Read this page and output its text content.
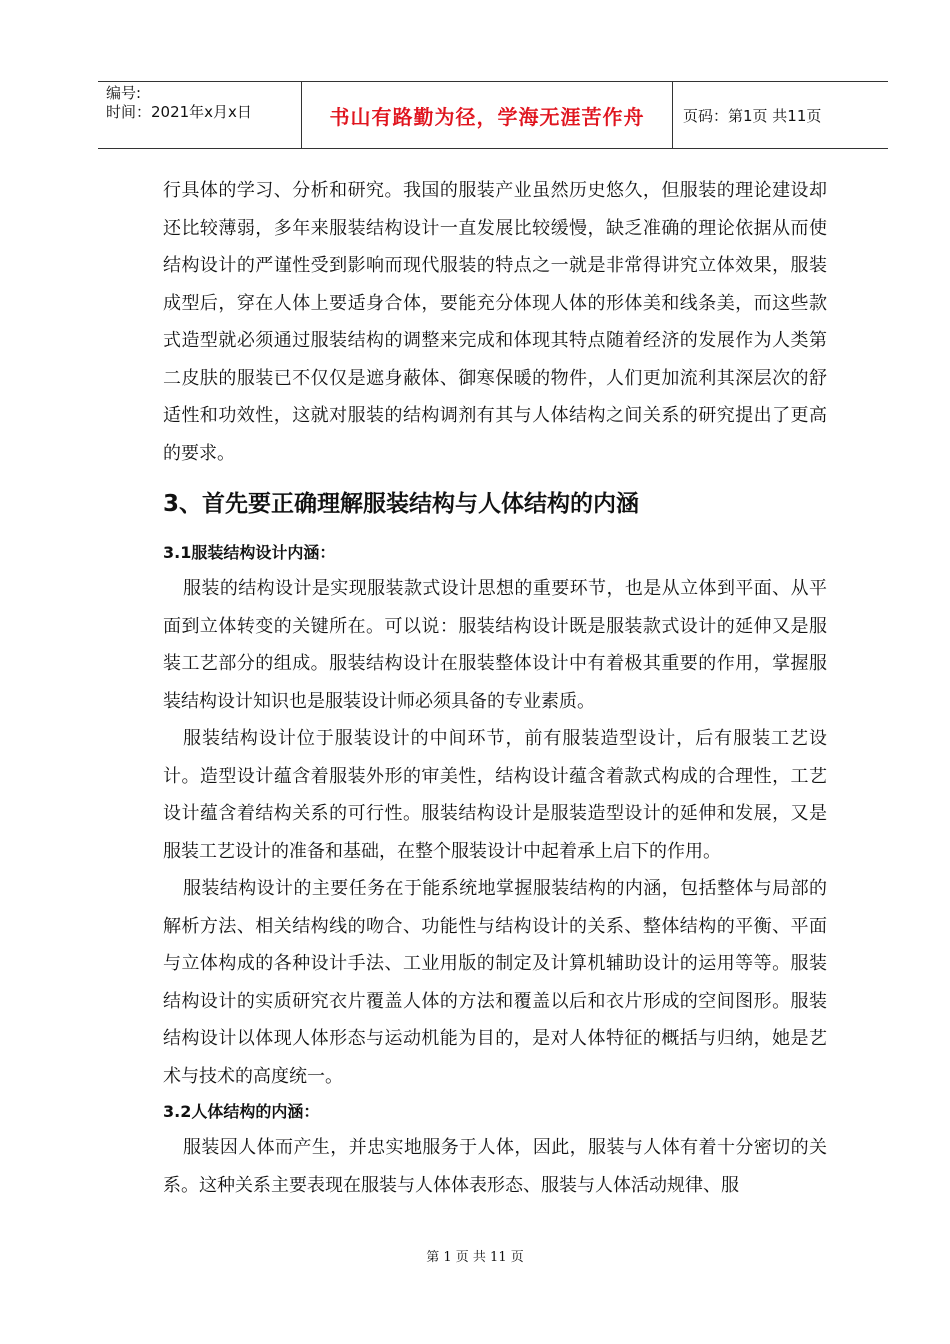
编号:
时间：2021年x月x日	书山有路勤为径，学海无涯苦作舟	页码：第1页 共11页

行具体的学习、分析和研究。我国的服装产业虽然历史悠久，但服装的理论建设却还比较薄弱，多年来服装结构设计一直发展比较缓慢，缺乏准确的理论依据从而使结构设计的严谨性受到影响而现代服装的特点之一就是非常得讲究立体效果，服装成型后，穿在人体上要适身合体，要能充分体现人体的形体美和线条美，而这些款式造型就必须通过服装结构的调整来完成和体现其特点随着经济的发展作为人类第二皮肤的服装已不仅仅是遮身蔽体、御寒保暖的物件，人们更加流利其深层次的舒适性和功效性，这就对服装的结构调剂有其与人体结构之间关系的研究提出了更高的要求。

3、首先要正确理解服装结构与人体结构的内涵
3.1服装结构设计内涵：

服装的结构设计是实现服装款式设计思想的重要环节，也是从立体到平面、从平面到立体转变的关键所在。可以说：服装结构设计既是服装款式设计的延伸又是服装工艺部分的组成。服装结构设计在服装整体设计中有着极其重要的作用，掌握服装结构设计知识也是服装设计师必须具备的专业素质。

服装结构设计位于服装设计的中间环节，前有服装造型设计，后有服装工艺设计。造型设计蕴含着服装外形的审美性，结构设计蕴含着款式构成的合理性，工艺设计蕴含着结构关系的可行性。服装结构设计是服装造型设计的延伸和发展，又是服装工艺设计的准备和基础，在整个服装设计中起着承上启下的作用。

服装结构设计的主要任务在于能系统地掌握服装结构的内涵，包括整体与局部的解析方法、相关结构线的吻合、功能性与结构设计的关系、整体结构的平衡、平面与立体构成的各种设计手法、工业用版的制定及计算机辅助设计的运用等等。服装结构设计的实质研究衣片覆盖人体的方法和覆盖以后和衣片形成的空间图形。服装结构设计以体现人体形态与运动机能为目的，是对人体特征的概括与归纳，她是艺术与技术的高度统一。

3.2人体结构的内涵：

服装因人体而产生，并忠实地服务于人体，因此，服装与人体有着十分密切的关系。这种关系主要表现在服装与人体体表形态、服装与人体活动规律、服

第 1 页 共 11 页
